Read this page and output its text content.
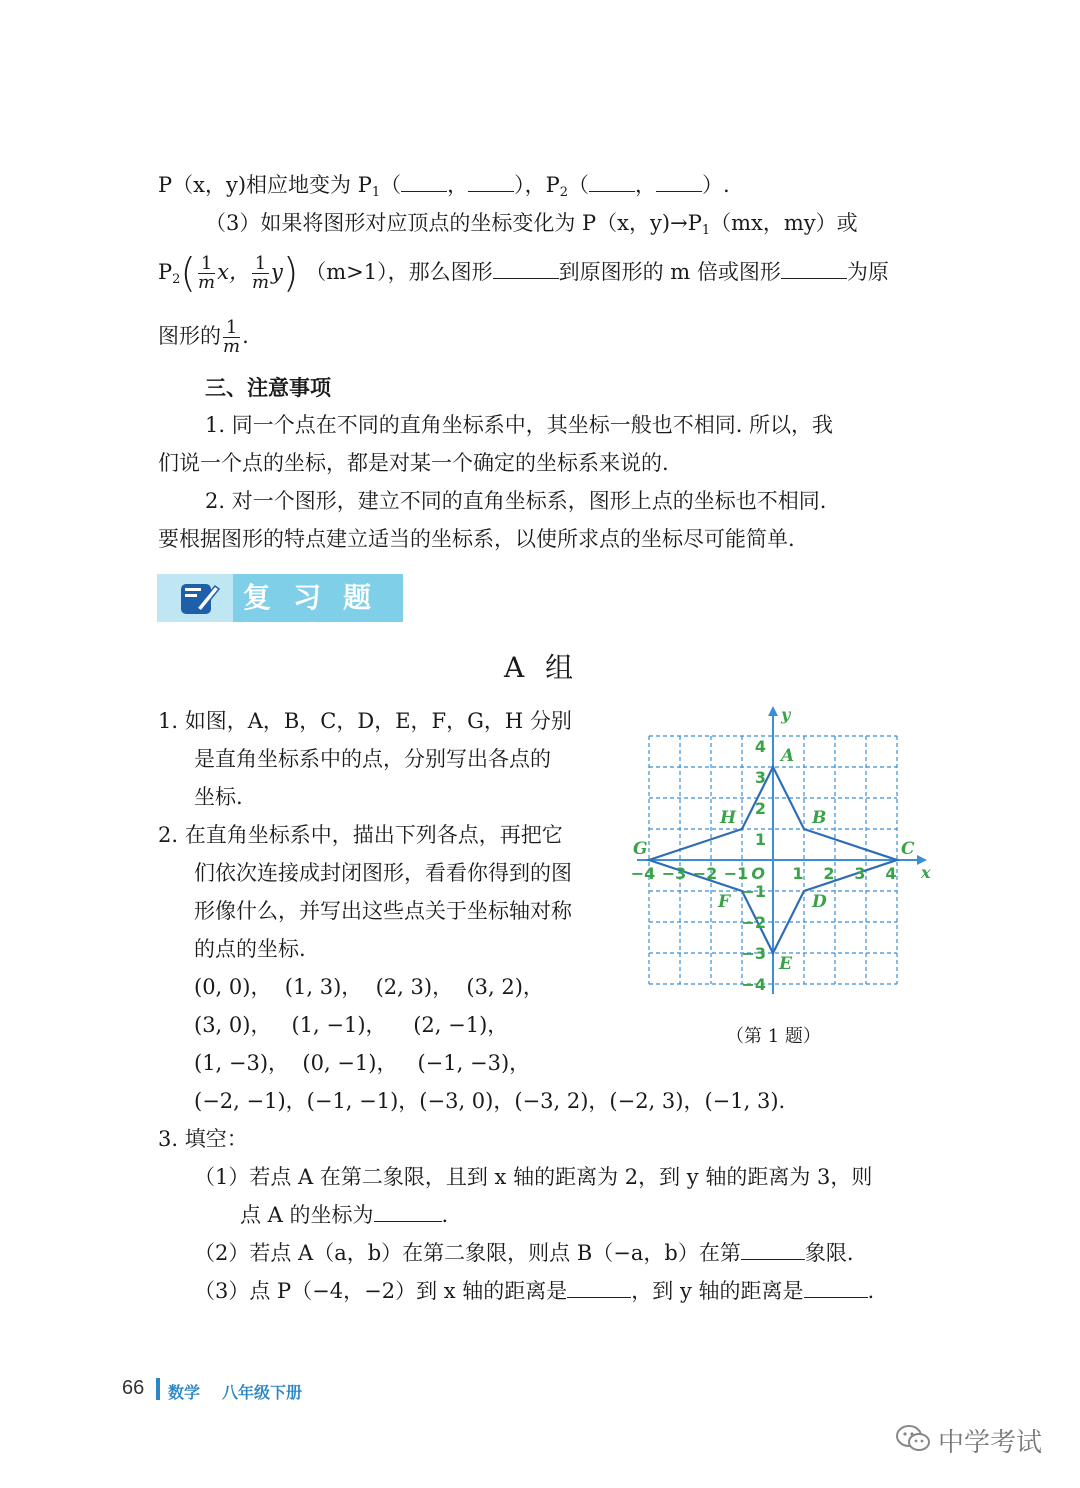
P（x，y)相应地变为 $P_1$（ ， ），$P_2$（ ， ）.
（3）如果将图形对应顶点的坐标变化为 P（x，$y)\to P_1(mx$，my）或
$P_2( \frac{1}{m}$ x， $\frac{1}{m} y$) （m>1），那么图形	到原图形的 m 倍或图形	为原
图形的 $\frac{1}{m}$ .
三、注意事项
1. 同一个点在不同的直角坐标系中，其坐标一般也不相同. 所以，我
们说一个点的坐标，都是对某一个确定的坐标系来说的.
2. 对一个图形，建立不同的直角坐标系，图形上点的坐标也不相同.
要根据图形的特点建立适当的坐标系，以使所求点的坐标尽可能简单.
复习题
A 组
1. 如图，A，B，C，D，E，F，G，H 分别
是直角坐标系中的点，分别写出各点的
坐标.
2. 在直角坐标系中，描出下列各点，再把它
们依次连接成封闭图形，看看你得到的图
形像什么，并写出这些点关于坐标轴对称
的点的坐标.
(0, 0)，  (1, 3)，  (2, 3)，  (3, 2)，
(3, 0)，   (1, −1)，    (2, −1)，
(1, −3)，  (0, −1)，   (−1, −3)，
(−2, −1)，(−1, −1)，(−3, 0)，(−3, 2)，(−2, 3)，(−1, 3).
x
y
−4 −3 −2 −1	1 2 3 4
4
3
2
1
−1
−2
−3
−4
O
A
B
C
D
E
F
G
H
（第 1 题）
3. 填空：
（1）若点 A 在第二象限，且到 x 轴的距离为 2，到 y 轴的距离为 3，则
点 A 的坐标为	.
（2）若点 A（a，b）在第二象限，则点 B（−a，b）在第	象限.
（3）点 P（−4，−2）到 x 轴的距离是	，到 y 轴的距离是	.
66 数学 八年级下册
中学考试
